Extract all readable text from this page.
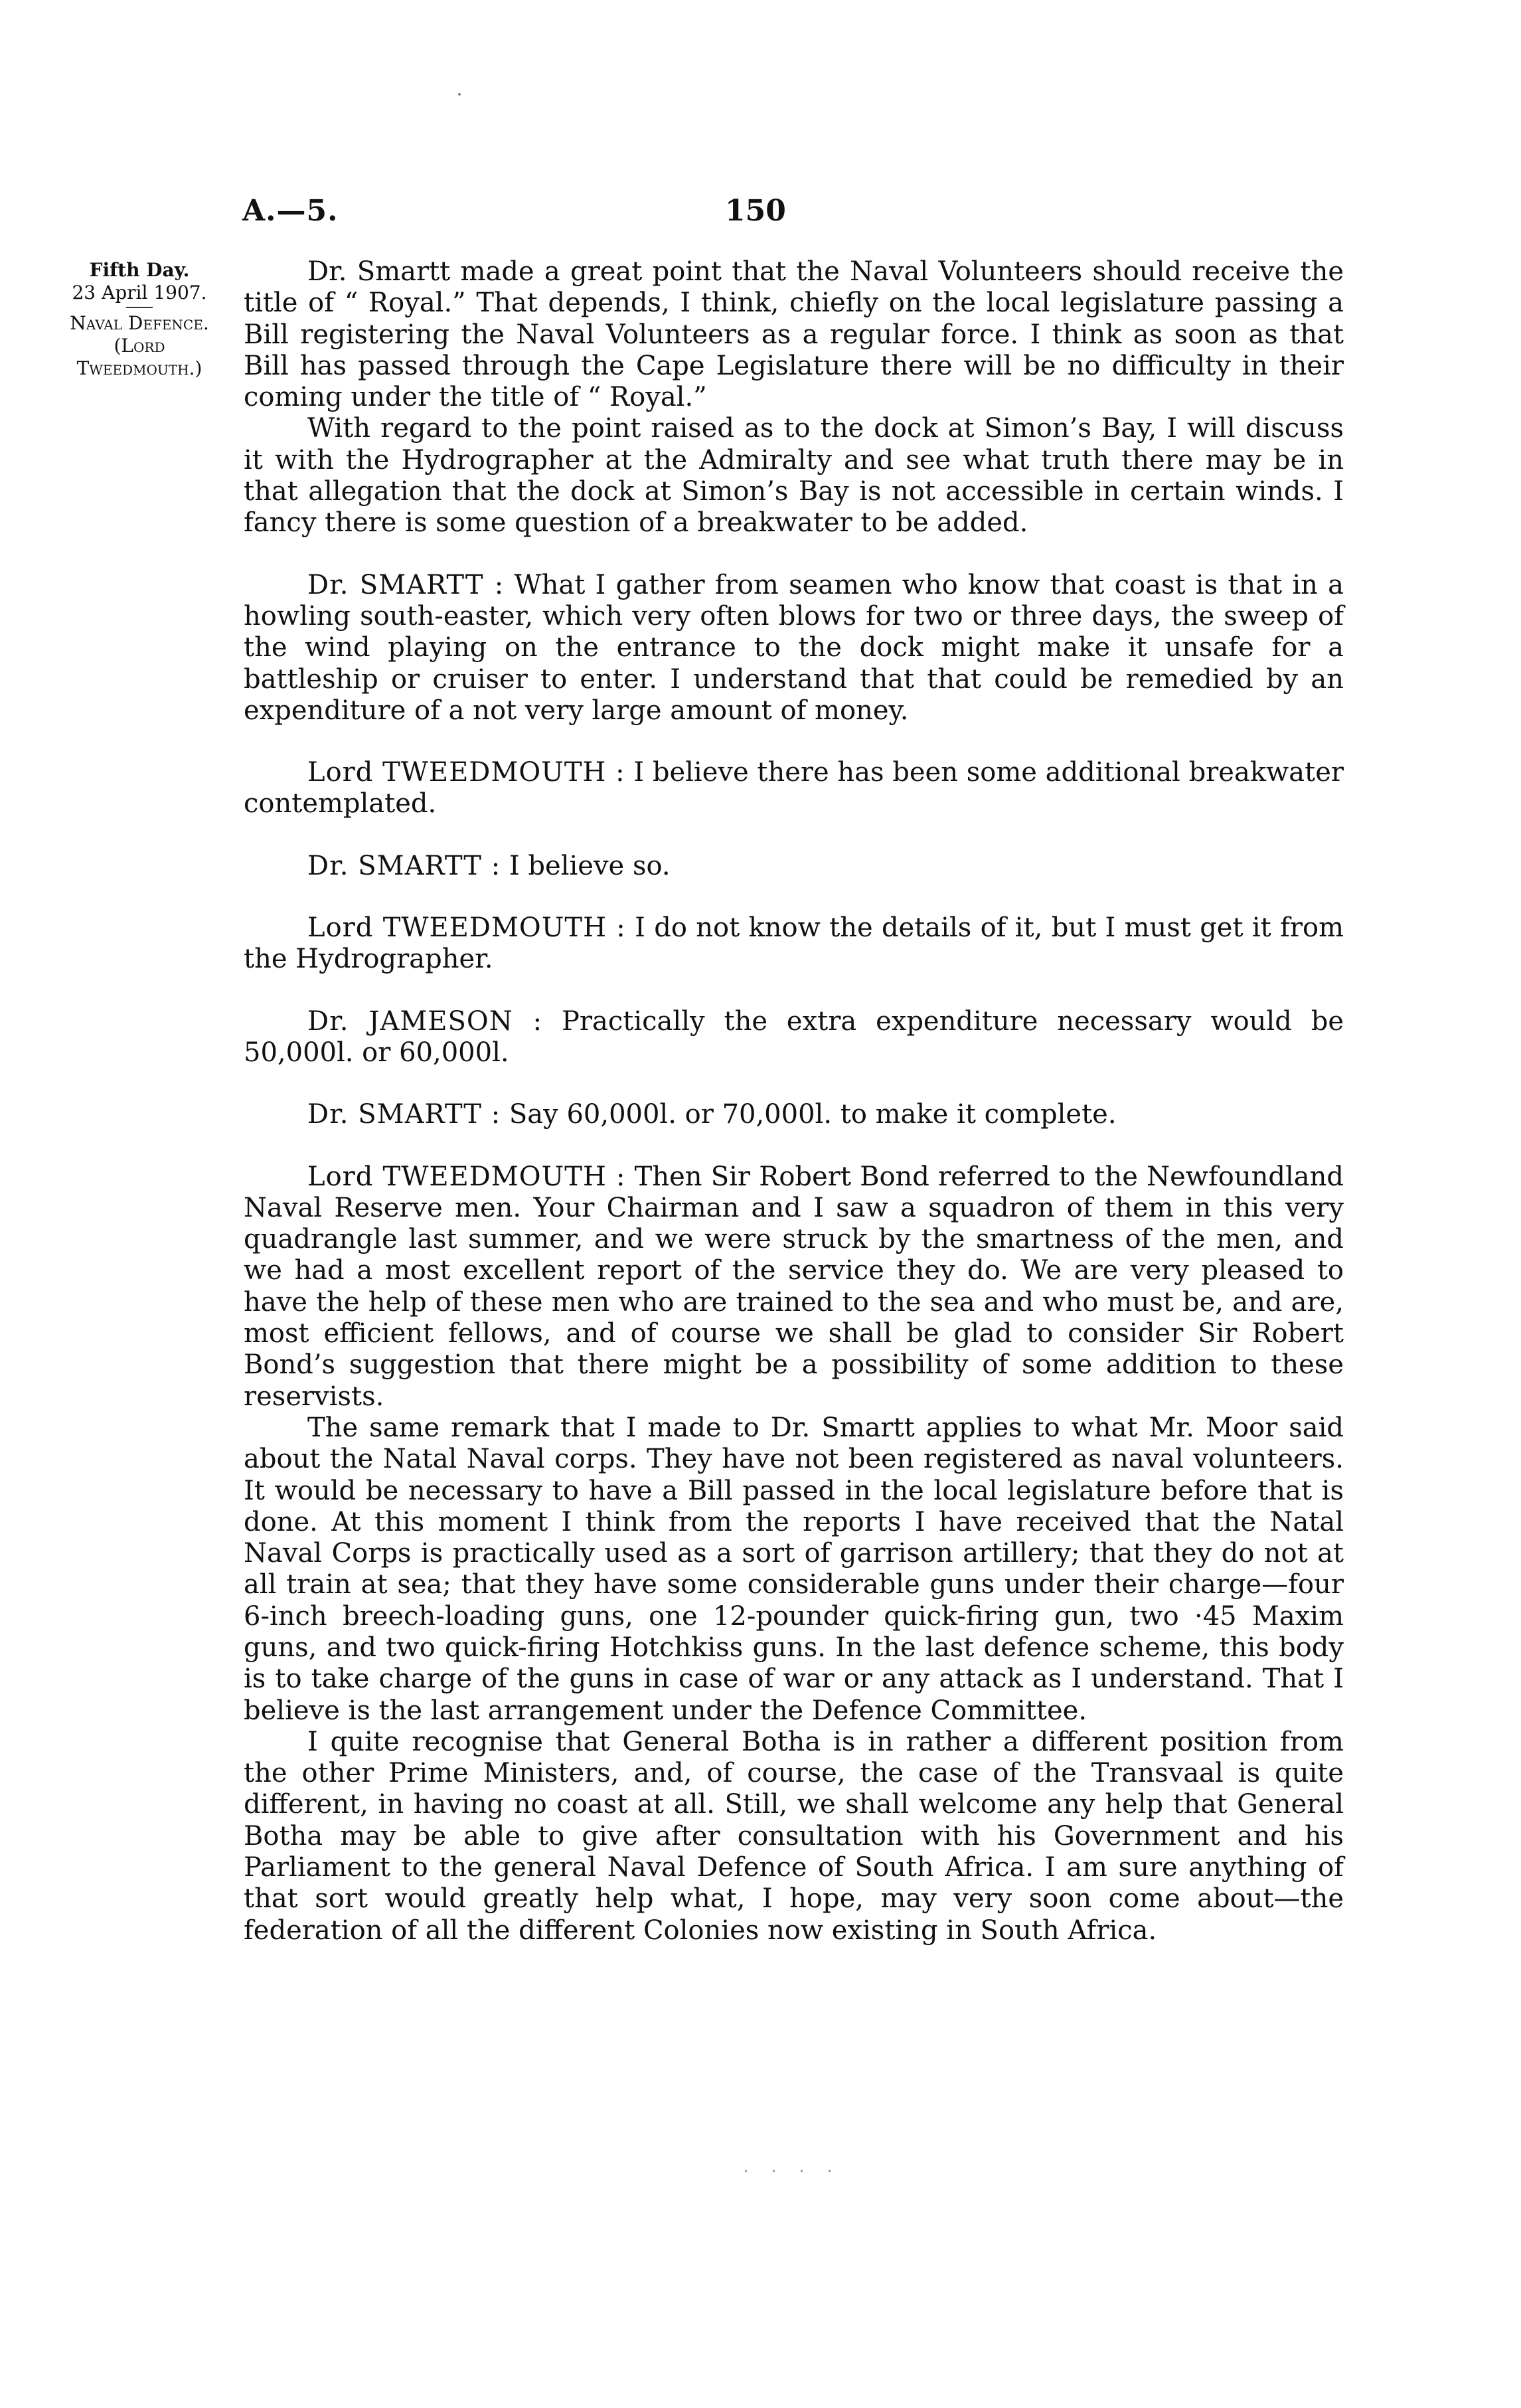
A.—5.	150
Fifth Day.
23 April 1907.
Naval Defence.
(Lord
Tweedmouth.)

Dr. Smartt made a great point that the Naval Volunteers should receive the title of “ Royal.” That depends, I think, chiefly on the local legislature passing a Bill registering the Naval Volunteers as a regular force. I think as soon as that Bill has passed through the Cape Legislature there will be no difficulty in their coming under the title of “ Royal.”

With regard to the point raised as to the dock at Simon’s Bay, I will discuss it with the Hydrographer at the Admiralty and see what truth there may be in that allegation that the dock at Simon’s Bay is not accessible in certain winds. I fancy there is some question of a breakwater to be added.

Dr. SMARTT : What I gather from seamen who know that coast is that in a howling south-easter, which very often blows for two or three days, the sweep of the wind playing on the entrance to the dock might make it unsafe for a battleship or cruiser to enter. I understand that that could be remedied by an expenditure of a not very large amount of money.

Lord TWEEDMOUTH : I believe there has been some additional breakwater contemplated.

Dr. SMARTT : I believe so.

Lord TWEEDMOUTH : I do not know the details of it, but I must get it from the Hydrographer.

Dr. JAMESON : Practically the extra expenditure necessary would be 50,000l. or 60,000l.

Dr. SMARTT : Say 60,000l. or 70,000l. to make it complete.

Lord TWEEDMOUTH : Then Sir Robert Bond referred to the Newfoundland Naval Reserve men. Your Chairman and I saw a squadron of them in this very quadrangle last summer, and we were struck by the smartness of the men, and we had a most excellent report of the service they do. We are very pleased to have the help of these men who are trained to the sea and who must be, and are, most efficient fellows, and of course we shall be glad to consider Sir Robert Bond’s suggestion that there might be a possibility of some addition to these reservists.

The same remark that I made to Dr. Smartt applies to what Mr. Moor said about the Natal Naval corps. They have not been registered as naval volunteers. It would be necessary to have a Bill passed in the local legislature before that is done. At this moment I think from the reports I have received that the Natal Naval Corps is practically used as a sort of garrison artillery; that they do not at all train at sea; that they have some considerable guns under their charge—four 6-inch breech-loading guns, one 12-pounder quick-firing gun, two ·45 Maxim guns, and two quick-firing Hotchkiss guns. In the last defence scheme, this body is to take charge of the guns in case of war or any attack as I understand. That I believe is the last arrangement under the Defence Committee.

I quite recognise that General Botha is in rather a different position from the other Prime Ministers, and, of course, the case of the Transvaal is quite different, in having no coast at all. Still, we shall welcome any help that General Botha may be able to give after consultation with his Government and his Parliament to the general Naval Defence of South Africa. I am sure anything of that sort would greatly help what, I hope, may very soon come about—the federation of all the different Colonies now existing in South Africa.

· · · ·
